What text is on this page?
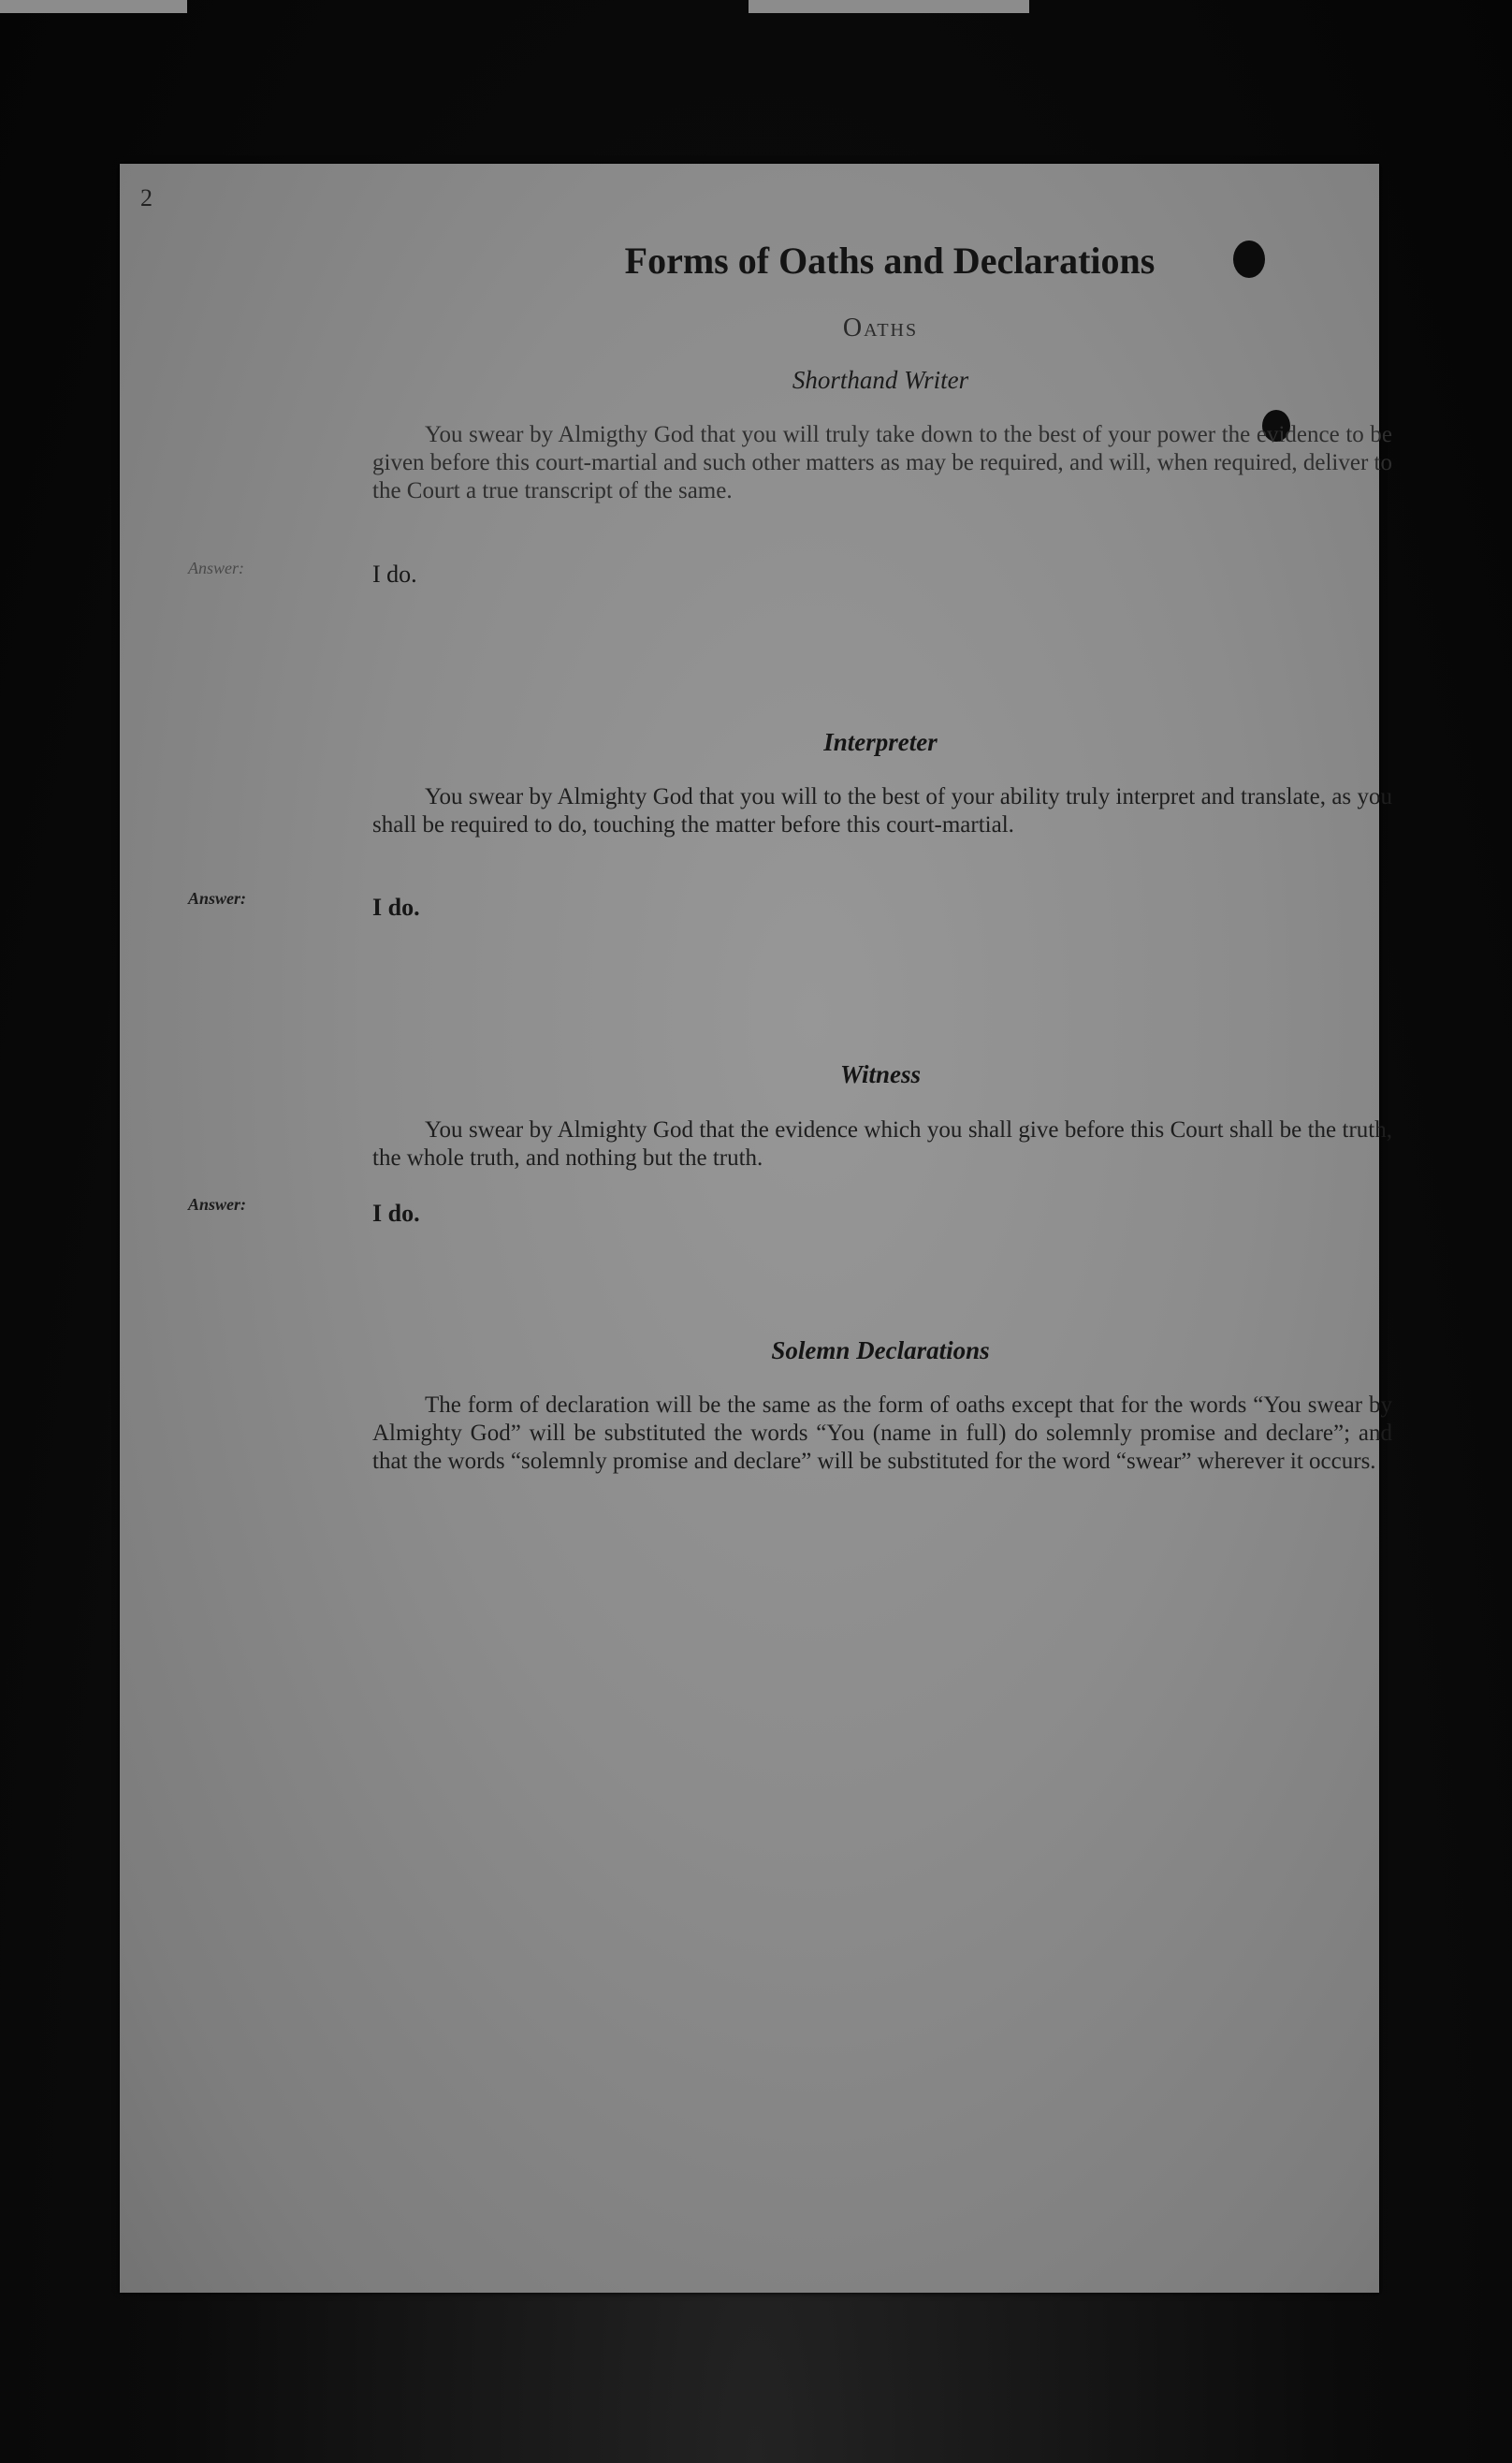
2
Forms of Oaths and Declarations
Oaths
Shorthand Writer
You swear by Almigthy God that you will truly take down to the best of your power the evidence to be given before this court-martial and such other matters as may be required, and will, when required, deliver to the Court a true transcript of the same.
Answer:	I do.
Interpreter
You swear by Almighty God that you will to the best of your ability truly interpret and translate, as you shall be required to do, touching the matter before this court-martial.
Answer:	I do.
Witness
You swear by Almighty God that the evidence which you shall give before this Court shall be the truth, the whole truth, and nothing but the truth.
Answer:	I do.
Solemn Declarations
The form of declaration will be the same as the form of oaths except that for the words “You swear by Almighty God” will be substituted the words “You (name in full) do solemnly promise and declare”; and that the words “solemnly promise and declare” will be substituted for the word “swear” wherever it occurs.
